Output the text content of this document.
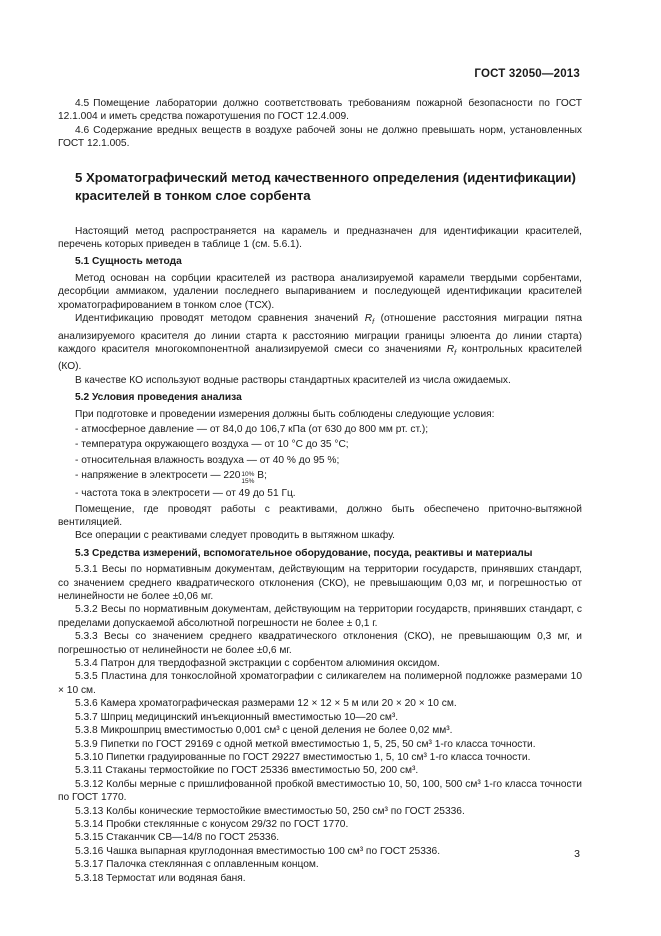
ГОСТ 32050—2013

4.5 Помещение лаборатории должно соответствовать требованиям пожарной безопасности по ГОСТ 12.1.004 и иметь средства пожаротушения по ГОСТ 12.4.009.

4.6 Содержание вредных веществ в воздухе рабочей зоны не должно превышать норм, установленных ГОСТ 12.1.005.

5 Хроматографический метод качественного определения (идентификации) красителей в тонком слое сорбента

Настоящий метод распространяется на карамель и предназначен для идентификации красителей, перечень которых приведен в таблице 1 (см. 5.6.1).

5.1 Сущность метода

Метод основан на сорбции красителей из раствора анализируемой карамели твердыми сорбентами, десорбции аммиаком, удалении последнего выпариванием и последующей идентификации красителей хроматографированием в тонком слое (ТСХ).

Идентификацию проводят методом сравнения значений $R_f$ (отношение расстояния миграции пятна анализируемого красителя до линии старта к расстоянию миграции границы элюента до линии старта) каждого красителя многокомпонентной анализируемой смеси со значениями $R_f$ контрольных красителей (КО).

В качестве КО используют водные растворы стандартных красителей из числа ожидаемых.

5.2 Условия проведения анализа

При подготовке и проведении измерения должны быть соблюдены следующие условия:

- атмосферное давление — от 84,0 до 106,7 кПа (от 630 до 800 мм рт. ст.);
- температура окружающего воздуха — от 10 °C до 35 °C;
- относительная влажность воздуха — от 40 % до 95 %;
- напряжение в электросети — 220 10%
15%
В;
- частота тока в электросети — от 49 до 51 Гц.

Помещение, где проводят работы с реактивами, должно быть обеспечено приточно-вытяжной вентиляцией.

Все операции с реактивами следует проводить в вытяжном шкафу.

5.3 Средства измерений, вспомогательное оборудование, посуда, реактивы и материалы

5.3.1 Весы по нормативным документам, действующим на территории государств, принявших стандарт, со значением среднего квадратического отклонения (СКО), не превышающим 0,03 мг, и погрешностью от нелинейности не более ±0,06 мг.

5.3.2 Весы по нормативным документам, действующим на территории государств, принявших стандарт, с пределами допускаемой абсолютной погрешности не более ± 0,1 г.

5.3.3 Весы со значением среднего квадратического отклонения (СКО), не превышающим 0,3 мг, и погрешностью от нелинейности не более ±0,6 мг.

5.3.4 Патрон для твердофазной экстракции с сорбентом алюминия оксидом.

5.3.5 Пластина для тонкослойной хроматографии с силикагелем на полимерной подложке размерами 10 × 10 см.

5.3.6 Камера хроматографическая размерами 12 × 12 × 5 м или 20 × 20 × 10 см.

5.3.7 Шприц медицинский инъекционный вместимостью 10—20 см³.

5.3.8 Микрошприц вместимостью 0,001 см³ с ценой деления не более 0,02 мм³.

5.3.9 Пипетки по ГОСТ 29169 с одной меткой вместимостью 1, 5, 25, 50 см³ 1-го класса точности.

5.3.10 Пипетки градуированные по ГОСТ 29227 вместимостью 1, 5, 10 см³ 1-го класса точности.

5.3.11 Стаканы термостойкие по ГОСТ 25336 вместимостью 50, 200 см³.

5.3.12 Колбы мерные с пришлифованной пробкой вместимостью 10, 50, 100, 500 см³ 1-го класса точности по ГОСТ 1770.

5.3.13 Колбы конические термостойкие вместимостью 50, 250 см³ по ГОСТ 25336.

5.3.14 Пробки стеклянные с конусом 29/32 по ГОСТ 1770.

5.3.15 Стаканчик СВ—14/8 по ГОСТ 25336.

5.3.16 Чашка выпарная круглодонная вместимостью 100 см³ по ГОСТ 25336.

5.3.17 Палочка стеклянная с оплавленным концом.

5.3.18 Термостат или водяная баня.

3
